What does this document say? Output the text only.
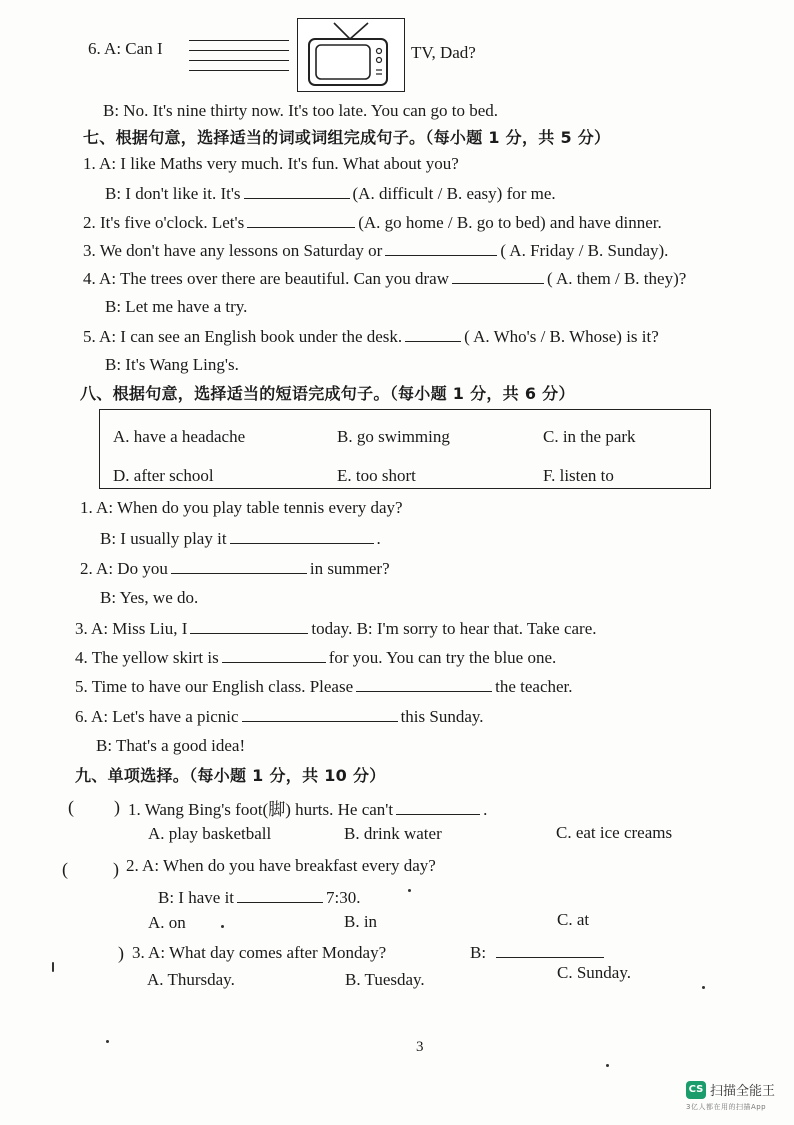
6. A: Can I	TV, Dad?
B: No. It's nine thirty now. It's too late. You can go to bed.
七、根据句意，选择适当的词或词组完成句子。（每小题 1 分，共 5 分）
1. A: I like Maths very much. It's fun. What about you?
B: I don't like it. It's	(A. difficult / B. easy) for me.
2. It's five o'clock. Let's	(A. go home / B. go to bed) and have dinner.
3. We don't have any lessons on Saturday or	( A. Friday / B. Sunday).
4. A: The trees over there are beautiful. Can you draw	( A. them / B. they)?
B: Let me have a try.
5. A: I can see an English book under the desk.	( A. Who's / B. Whose) is it?
B: It's Wang Ling's.
八、根据句意，选择适当的短语完成句子。（每小题 1 分，共 6 分）
A. have a headache	B. go swimming	C. in the park
D. after school	E. too short	F. listen to
1. A: When do you play table tennis every day?
B: I usually play it	.
2. A: Do you	in summer?
B: Yes, we do.
3. A: Miss Liu, I	today. B: I'm sorry to hear that. Take care.
4. The yellow skirt is	for you. You can try the blue one.
5. Time to have our English class. Please	the teacher.
6. A: Let's have a picnic	this Sunday.
B: That's a good idea!
九、单项选择。（每小题 1 分，共 10 分）
( ) 1. Wang Bing's foot(脚) hurts. He can't	.
A. play basketball	B. drink water	C. eat ice creams
(	) 2. A: When do you have breakfast every day?
B: I have it	7:30.
A. on	B. in	C. at
) 3. A: What day comes after Monday?	B:
A. Thursday.	B. Tuesday.	C. Sunday.
3
CS 扫描全能王
3亿人都在用的扫描App
